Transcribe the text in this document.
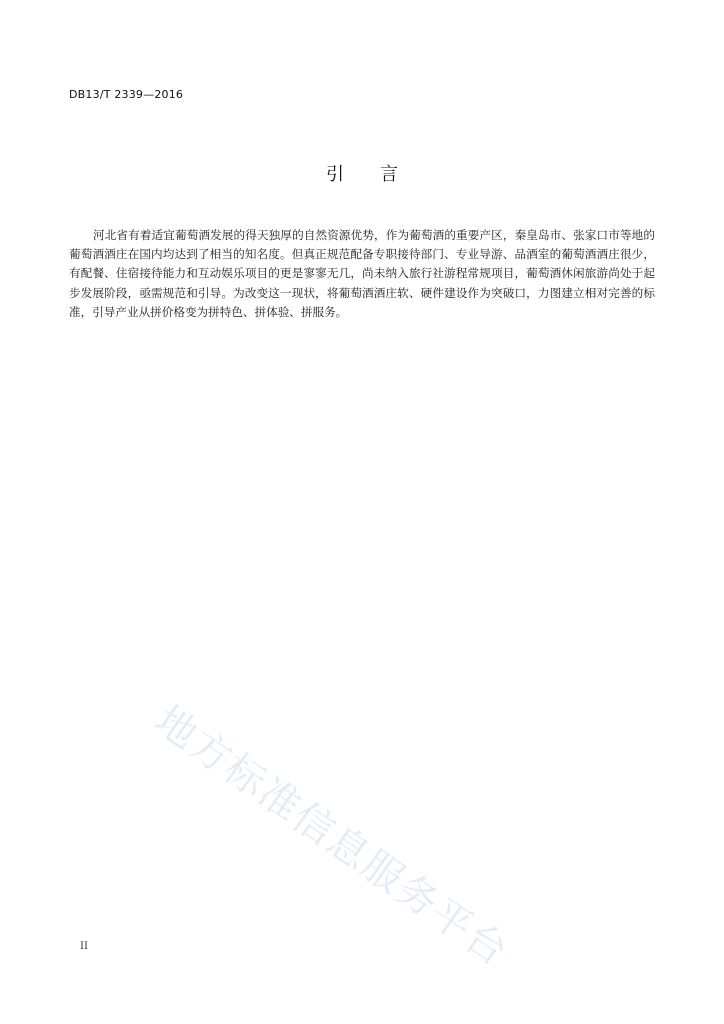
DB13/T 2339—2016
引言

河北省有着适宜葡萄酒发展的得天独厚的自然资源优势，作为葡萄酒的重要产区，秦皇岛市、张家口市等地的葡萄酒酒庄在国内均达到了相当的知名度。但真正规范配备专职接待部门、专业导游、品酒室的葡萄酒酒庄很少，有配餐、住宿接待能力和互动娱乐项目的更是寥寥无几，尚未纳入旅行社游程常规项目，葡萄酒休闲旅游尚处于起步发展阶段，亟需规范和引导。为改变这一现状，将葡萄酒酒庄软、硬件建设作为突破口，力图建立相对完善的标准，引导产业从拼价格变为拼特色、拼体验、拼服务。

地方标准信息服务平台
II
